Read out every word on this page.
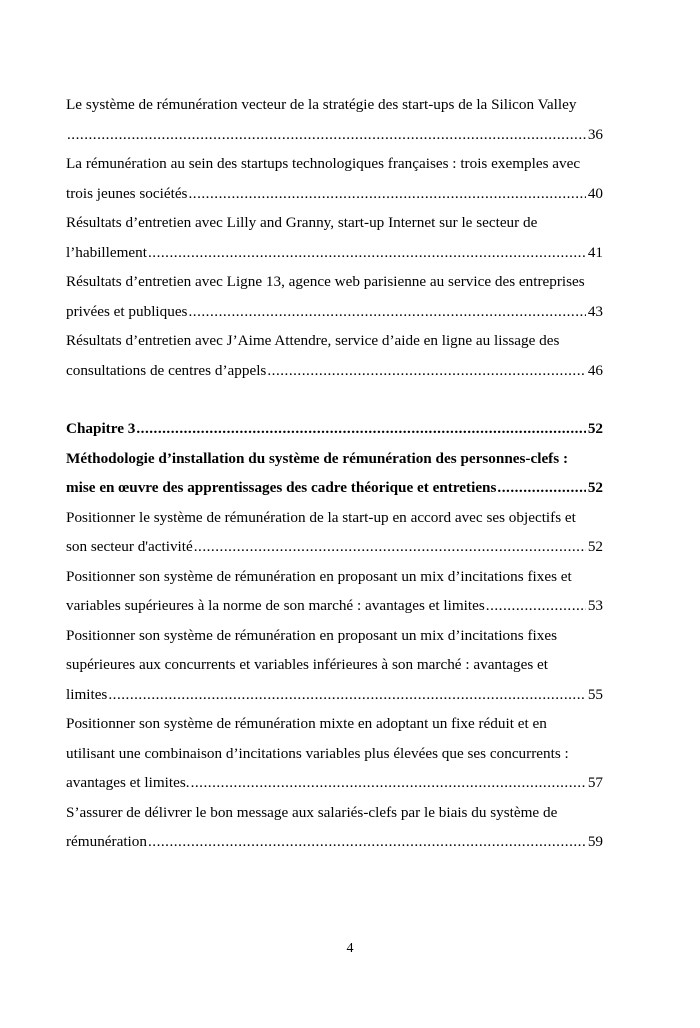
Le système de rémunération vecteur de la stratégie des start-ups de la Silicon Valley
.....
36
La rémunération au sein des startups technologiques françaises : trois exemples avec
trois jeunes sociétés .....	40
Résultats d’entretien avec Lilly and Granny, start-up Internet sur le secteur de
l’habillement .....	41
Résultats d’entretien avec Ligne 13, agence web parisienne au service des entreprises
privées et publiques .....	43
Résultats d’entretien avec J’Aime Attendre, service d’aide en ligne au lissage des
consultations de centres d’appels .....	46
Chapitre 3 .....	52
Méthodologie d’installation du système de rémunération des personnes-clefs :
mise en œuvre des apprentissages des cadre théorique et entretiens .....	52
Positionner le système de rémunération de la start-up en accord avec ses objectifs et
son secteur d'activité .....	52
Positionner son système de rémunération en proposant un mix d’incitations fixes et
variables supérieures à la norme de son marché : avantages et limites .....	53
Positionner son système de rémunération en proposant un mix d’incitations fixes
supérieures aux concurrents et variables inférieures à son marché : avantages et
limites .....	55
Positionner son système de rémunération mixte en adoptant un fixe réduit et en
utilisant une combinaison d’incitations variables plus élevées que ses concurrents :
avantages et limites. .....	57
S’assurer de délivrer le bon message aux salariés-clefs par le biais du système de
rémunération .....	59
4
